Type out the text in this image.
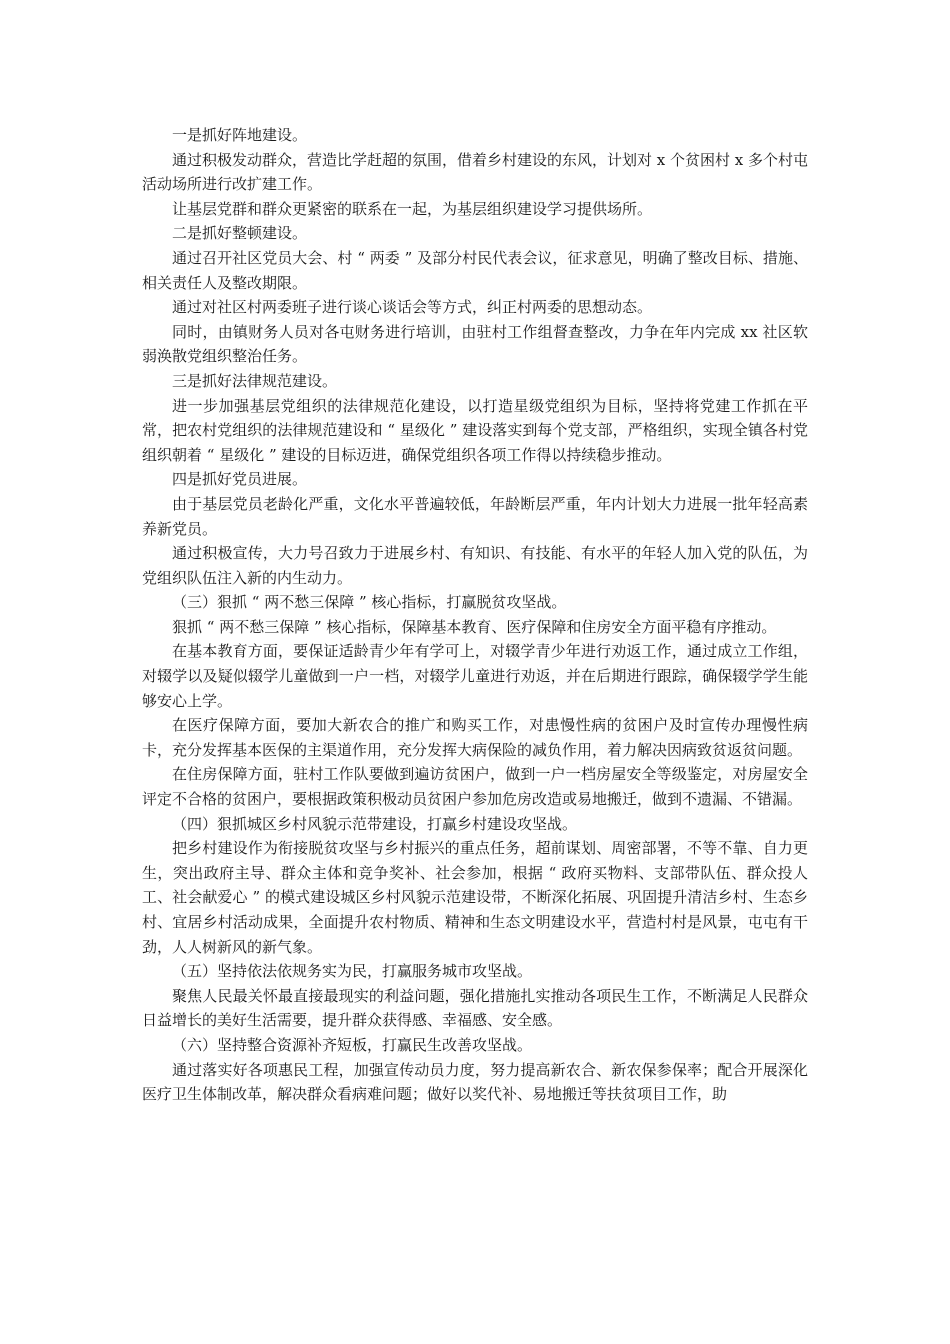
一是抓好阵地建设。

通过积极发动群众，营造比学赶超的氛围，借着乡村建设的东风，计划对 x 个贫困村 x 多个村屯活动场所进行改扩建工作。

让基层党群和群众更紧密的联系在一起，为基层组织建设学习提供场所。

二是抓好整顿建设。

通过召开社区党员大会、村 “ 两委 ” 及部分村民代表会议，征求意见，明确了整改目标、措施、相关责任人及整改期限。

通过对社区村两委班子进行谈心谈话会等方式，纠正村两委的思想动态。

同时，由镇财务人员对各屯财务进行培训，由驻村工作组督查整改，力争在年内完成 xx 社区软弱涣散党组织整治任务。

三是抓好法律规范建设。

进一步加强基层党组织的法律规范化建设，以打造星级党组织为目标，坚持将党建工作抓在平常，把农村党组织的法律规范建设和 “ 星级化 ” 建设落实到每个党支部，严格组织，实现全镇各村党组织朝着 “ 星级化 ” 建设的目标迈进，确保党组织各项工作得以持续稳步推动。

四是抓好党员进展。

由于基层党员老龄化严重，文化水平普遍较低，年龄断层严重，年内计划大力进展一批年轻高素养新党员。

通过积极宣传，大力号召致力于进展乡村、有知识、有技能、有水平的年轻人加入党的队伍，为党组织队伍注入新的内生动力。

（三）狠抓 “ 两不愁三保障 ” 核心指标，打赢脱贫攻坚战。

狠抓 “ 两不愁三保障 ” 核心指标，保障基本教育、医疗保障和住房安全方面平稳有序推动。

在基本教育方面，要保证适龄青少年有学可上，对辍学青少年进行劝返工作，通过成立工作组，对辍学以及疑似辍学儿童做到一户一档，对辍学儿童进行劝返，并在后期进行跟踪，确保辍学学生能够安心上学。

在医疗保障方面，要加大新农合的推广和购买工作，对患慢性病的贫困户及时宣传办理慢性病卡，充分发挥基本医保的主渠道作用，充分发挥大病保险的减负作用，着力解决因病致贫返贫问题。

在住房保障方面，驻村工作队要做到遍访贫困户，做到一户一档房屋安全等级鉴定，对房屋安全评定不合格的贫困户，要根据政策积极动员贫困户参加危房改造或易地搬迁，做到不遗漏、不错漏。

（四）狠抓城区乡村风貌示范带建设，打赢乡村建设攻坚战。

把乡村建设作为衔接脱贫攻坚与乡村振兴的重点任务，超前谋划、周密部署，不等不靠、自力更生，突出政府主导、群众主体和竞争奖补、社会参加，根据 “ 政府买物料、支部带队伍、群众投人工、社会献爱心 ” 的模式建设城区乡村风貌示范建设带，不断深化拓展、巩固提升清洁乡村、生态乡村、宜居乡村活动成果，全面提升农村物质、精神和生态文明建设水平，营造村村是风景，屯屯有干劲，人人树新风的新气象。

（五）坚持依法依规务实为民，打赢服务城市攻坚战。

聚焦人民最关怀最直接最现实的利益问题，强化措施扎实推动各项民生工作，不断满足人民群众日益增长的美好生活需要，提升群众获得感、幸福感、安全感。

（六）坚持整合资源补齐短板，打赢民生改善攻坚战。

通过落实好各项惠民工程，加强宣传动员力度，努力提高新农合、新农保参保率；配合开展深化医疗卫生体制改革，解决群众看病难问题；做好以奖代补、易地搬迁等扶贫项目工作，助
